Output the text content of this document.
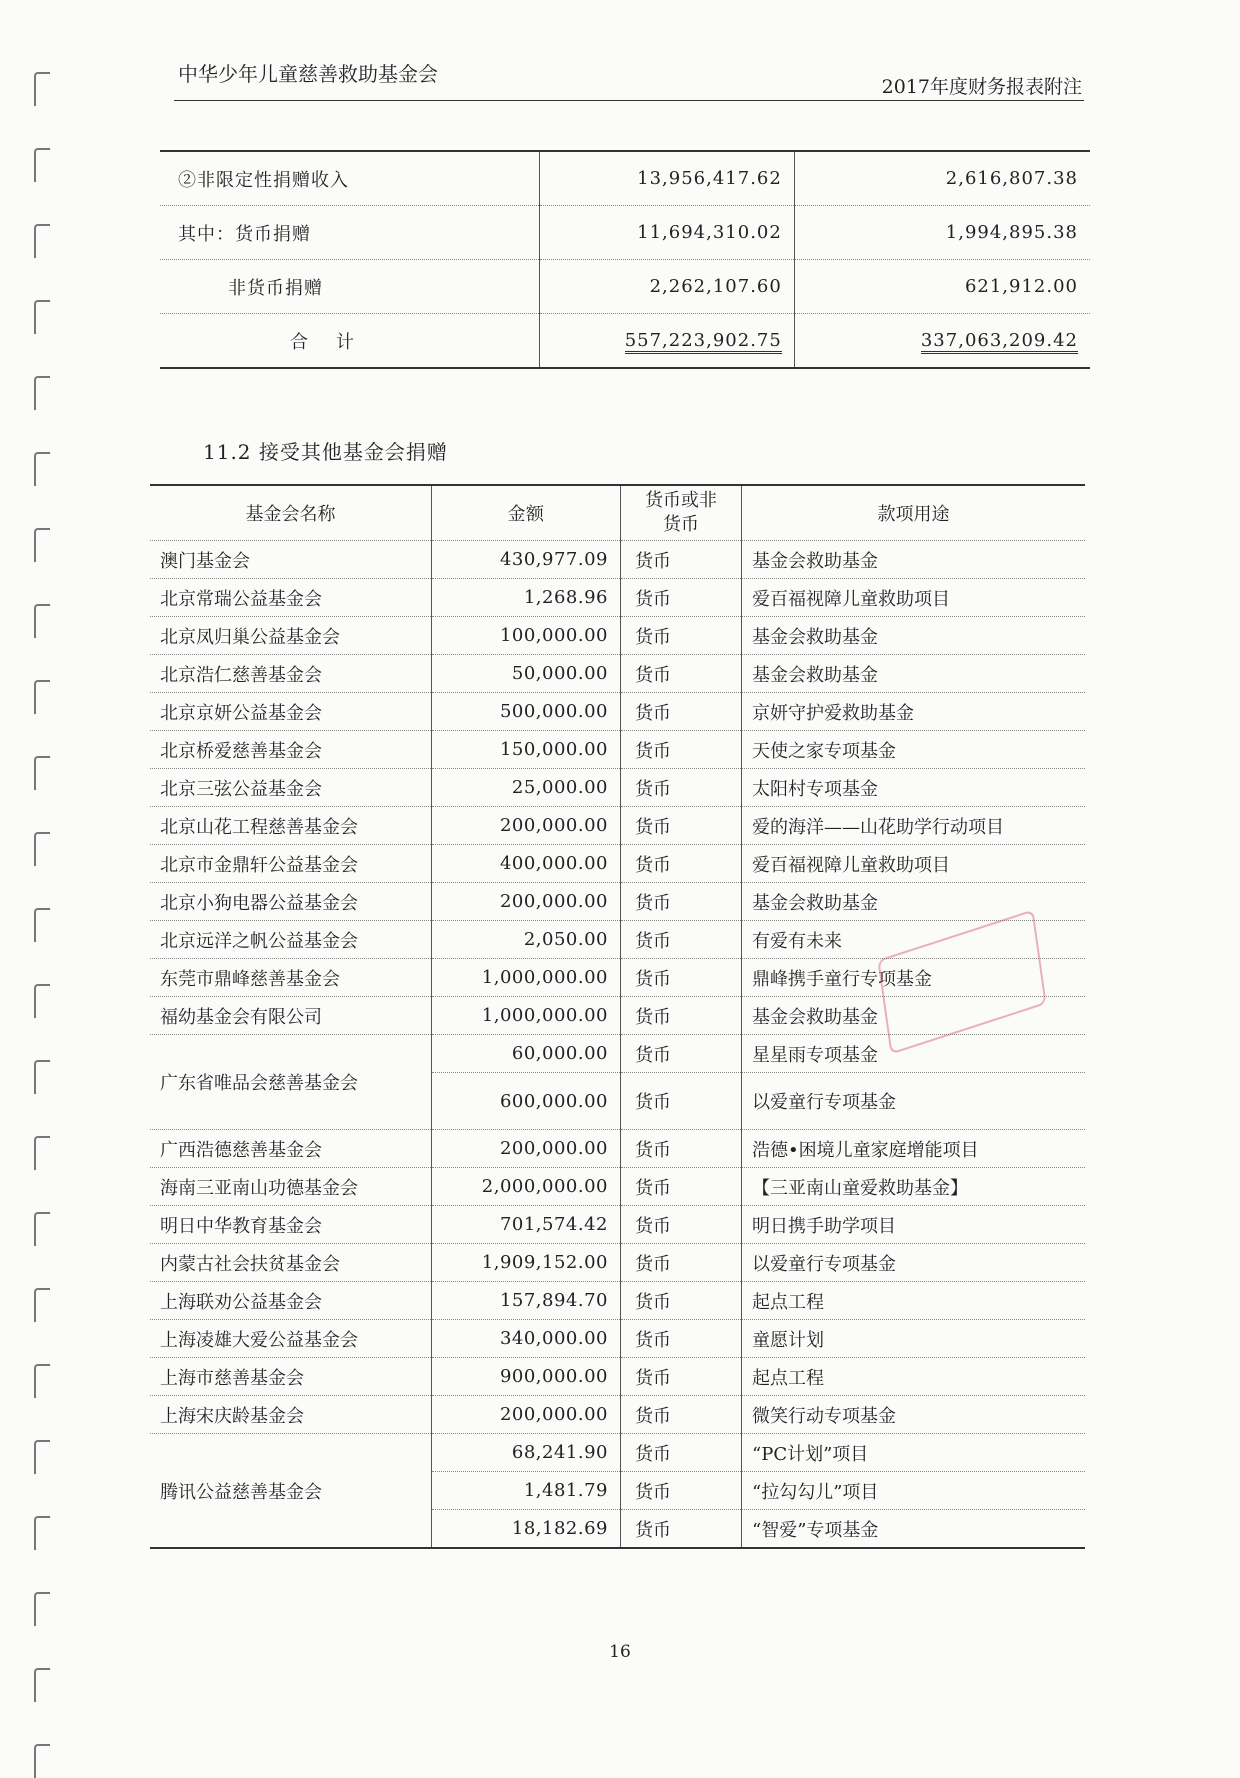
中华少年儿童慈善救助基金会
2017年度财务报表附注
②非限定性捐赠收入	13,956,417.62	2,616,807.38
其中：货币捐赠	11,694,310.02	1,994,895.38
非货币捐赠	2,262,107.60	621,912.00
合计	557,223,902.75	337,063,209.42
11.2 接受其他基金会捐赠
基金会名称	金额	货币或非货币	款项用途
澳门基金会	430,977.09	货币	基金会救助基金
北京常瑞公益基金会	1,268.96	货币	爱百福视障儿童救助项目
北京凤归巢公益基金会	100,000.00	货币	基金会救助基金
北京浩仁慈善基金会	50,000.00	货币	基金会救助基金
北京京妍公益基金会	500,000.00	货币	京妍守护爱救助基金
北京桥爱慈善基金会	150,000.00	货币	天使之家专项基金
北京三弦公益基金会	25,000.00	货币	太阳村专项基金
北京山花工程慈善基金会	200,000.00	货币	爱的海洋——山花助学行动项目
北京市金鼎轩公益基金会	400,000.00	货币	爱百福视障儿童救助项目
北京小狗电器公益基金会	200,000.00	货币	基金会救助基金
北京远洋之帆公益基金会	2,050.00	货币	有爱有未来
东莞市鼎峰慈善基金会	1,000,000.00	货币	鼎峰携手童行专项基金
福幼基金会有限公司	1,000,000.00	货币	基金会救助基金
广东省唯品会慈善基金会	60,000.00	货币	星星雨专项基金
	600,000.00	货币	以爱童行专项基金
广西浩德慈善基金会	200,000.00	货币	浩德•困境儿童家庭增能项目
海南三亚南山功德基金会	2,000,000.00	货币	【三亚南山童爱救助基金】
明日中华教育基金会	701,574.42	货币	明日携手助学项目
内蒙古社会扶贫基金会	1,909,152.00	货币	以爱童行专项基金
上海联劝公益基金会	157,894.70	货币	起点工程
上海凌雄大爱公益基金会	340,000.00	货币	童愿计划
上海市慈善基金会	900,000.00	货币	起点工程
上海宋庆龄基金会	200,000.00	货币	微笑行动专项基金
腾讯公益慈善基金会	68,241.90	货币	“PC计划”项目
	1,481.79	货币	“拉勾勾儿”项目
	18,182.69	货币	“智爱”专项基金
16
